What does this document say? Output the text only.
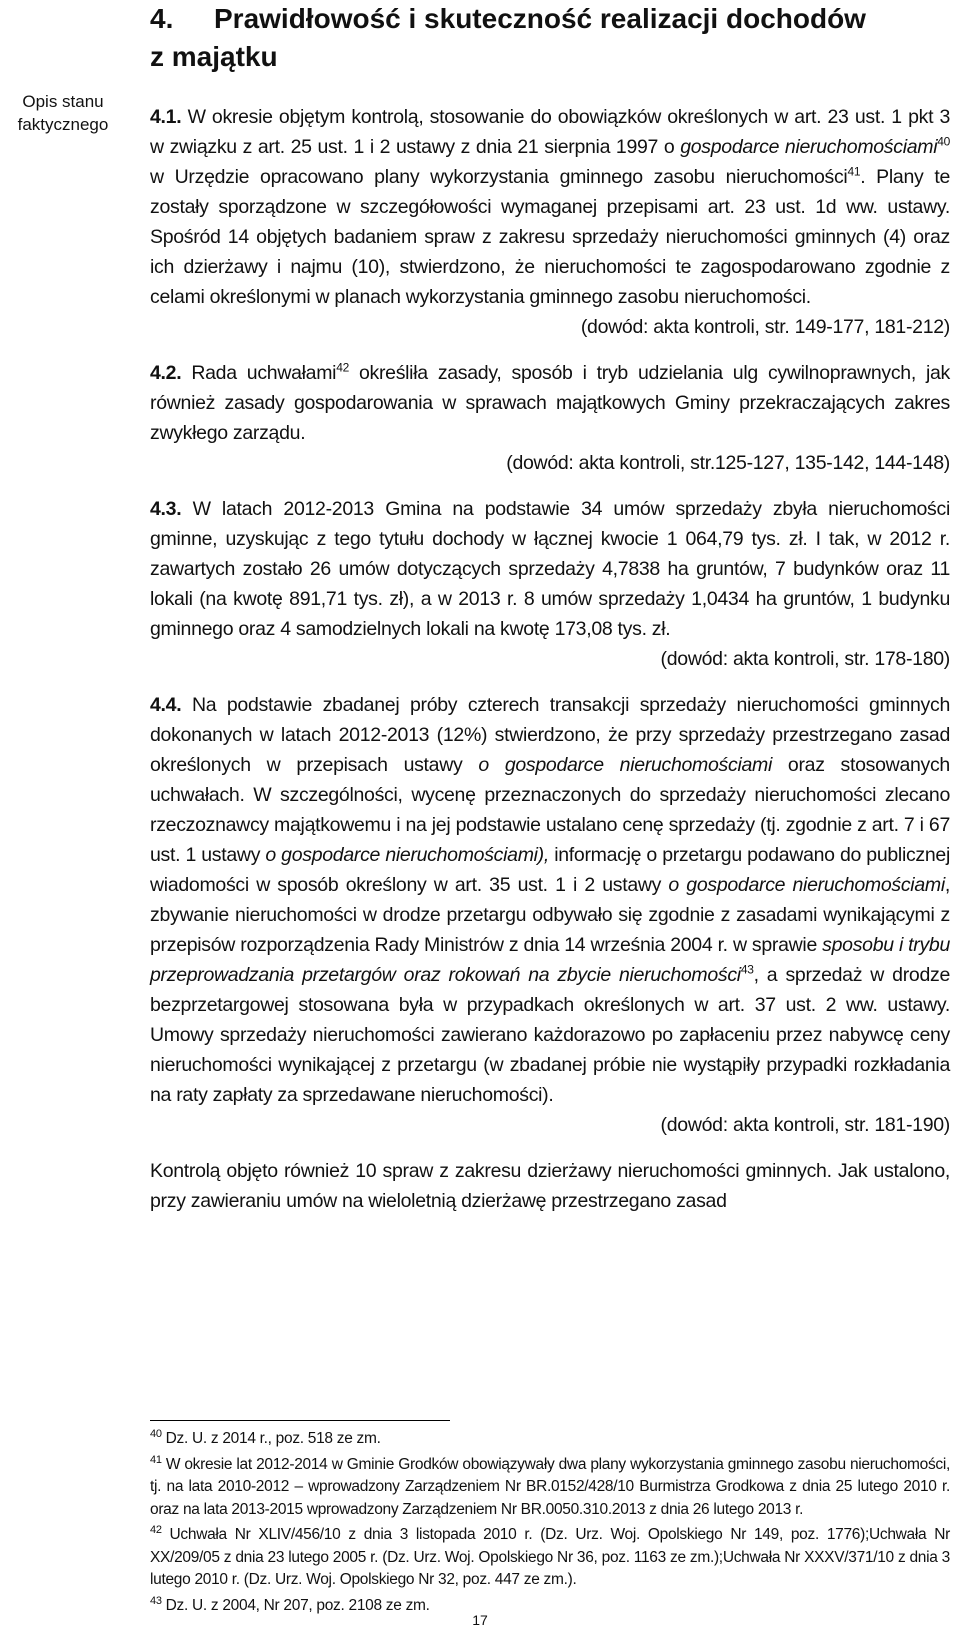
Opis stanu faktycznego
4. Prawidłowość i skuteczność realizacji dochodów
z majątku

4.1. W okresie objętym kontrolą, stosowanie do obowiązków określonych w art. 23 ust. 1 pkt 3 w związku z art. 25 ust. 1 i 2 ustawy z dnia 21 sierpnia 1997 o gospodarce nieruchomościami$^{40}$ w Urzędzie opracowano plany wykorzystania gminnego zasobu nieruchomości$^{41}$. Plany te zostały sporządzone w szczegółowości wymaganej przepisami art. 23 ust. 1d ww. ustawy. Spośród 14 objętych badaniem spraw z zakresu sprzedaży nieruchomości gminnych (4) oraz ich dzierżawy i najmu (10), stwierdzono, że nieruchomości te zagospodarowano zgodnie z celami określonymi w planach wykorzystania gminnego zasobu nieruchomości.

(dowód: akta kontroli, str. 149-177, 181-212)

4.2. Rada uchwałami$^{42}$ określiła zasady, sposób i tryb udzielania ulg cywilnoprawnych, jak również zasady gospodarowania w sprawach majątkowych Gminy przekraczających zakres zwykłego zarządu.

(dowód: akta kontroli, str.125-127, 135-142, 144-148)

4.3. W latach 2012-2013 Gmina na podstawie 34 umów sprzedaży zbyła nieruchomości gminne, uzyskując z tego tytułu dochody w łącznej kwocie 1 064,79 tys. zł. I tak, w 2012 r. zawartych zostało 26 umów dotyczących sprzedaży 4,7838 ha gruntów, 7 budynków oraz 11 lokali (na kwotę 891,71 tys. zł), a w 2013 r. 8 umów sprzedaży 1,0434 ha gruntów, 1 budynku gminnego oraz 4 samodzielnych lokali na kwotę 173,08 tys. zł.

(dowód: akta kontroli, str. 178-180)

4.4. Na podstawie zbadanej próby czterech transakcji sprzedaży nieruchomości gminnych dokonanych w latach 2012-2013 (12%) stwierdzono, że przy sprzedaży przestrzegano zasad określonych w przepisach ustawy o gospodarce nieruchomościami oraz stosowanych uchwałach. W szczególności, wycenę przeznaczonych do sprzedaży nieruchomości zlecano rzeczoznawcy majątkowemu i na jej podstawie ustalano cenę sprzedaży (tj. zgodnie z art. 7 i 67 ust. 1 ustawy o gospodarce nieruchomościami), informację o przetargu podawano do publicznej wiadomości w sposób określony w art. 35 ust. 1 i 2 ustawy o gospodarce nieruchomościami, zbywanie nieruchomości w drodze przetargu odbywało się zgodnie z zasadami wynikającymi z przepisów rozporządzenia Rady Ministrów z dnia 14 września 2004 r. w sprawie sposobu i trybu przeprowadzania przetargów oraz rokowań na zbycie nieruchomości$^{43}$, a sprzedaż w drodze bezprzetargowej stosowana była w przypadkach określonych w art. 37 ust. 2 ww. ustawy. Umowy sprzedaży nieruchomości zawierano każdorazowo po zapłaceniu przez nabywcę ceny nieruchomości wynikającej z przetargu (w zbadanej próbie nie wystąpiły przypadki rozkładania na raty zapłaty za sprzedawane nieruchomości).

(dowód: akta kontroli, str. 181-190)

Kontrolą objęto również 10 spraw z zakresu dzierżawy nieruchomości gminnych. Jak ustalono, przy zawieraniu umów na wieloletnią dzierżawę przestrzegano zasad

$^{40}$ Dz. U. z 2014 r., poz. 518 ze zm.

$^{41}$ W okresie lat 2012-2014 w Gminie Grodków obowiązywały dwa plany wykorzystania gminnego zasobu nieruchomości, tj. na lata 2010-2012 – wprowadzony Zarządzeniem Nr BR.0152/428/10 Burmistrza Grodkowa z dnia 25 lutego 2010 r. oraz na lata 2013-2015 wprowadzony Zarządzeniem Nr BR.0050.310.2013 z dnia 26 lutego 2013 r.

$^{42}$ Uchwała Nr XLIV/456/10 z dnia 3 listopada 2010 r. (Dz. Urz. Woj. Opolskiego Nr 149, poz. 1776);Uchwała Nr XX/209/05 z dnia 23 lutego 2005 r. (Dz. Urz. Woj. Opolskiego Nr 36, poz. 1163 ze zm.);Uchwała Nr XXXV/371/10 z dnia 3 lutego 2010 r. (Dz. Urz. Woj. Opolskiego Nr 32, poz. 447 ze zm.).

$^{43}$ Dz. U. z 2004, Nr 207, poz. 2108 ze zm.

17
